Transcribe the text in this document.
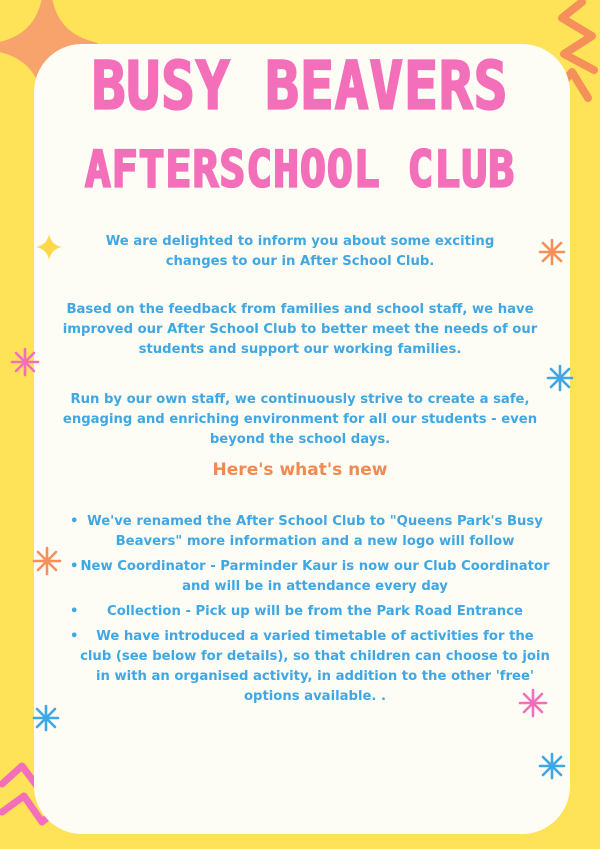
BUSY BEAVERS
AFTERSCHOOL CLUB

We are delighted to inform you about some exciting changes to our in After School Club.

Based on the feedback from families and school staff, we have improved our After School Club to better meet the needs of our students and support our working families.

Run by our own staff, we continuously strive to create a safe, engaging and enriching environment for all our students - even beyond the school days.

Here's what's new
• We've renamed the After School Club to "Queens Park's Busy Beavers" more information and a new logo will follow
• New Coordinator - Parminder Kaur is now our Club Coordinator and will be in attendance every day
• Collection - Pick up will be from the Park Road Entrance
• We have introduced a varied timetable of activities for the club (see below for details), so that children can choose to join in with an organised activity, in addition to the other 'free' options available. .
